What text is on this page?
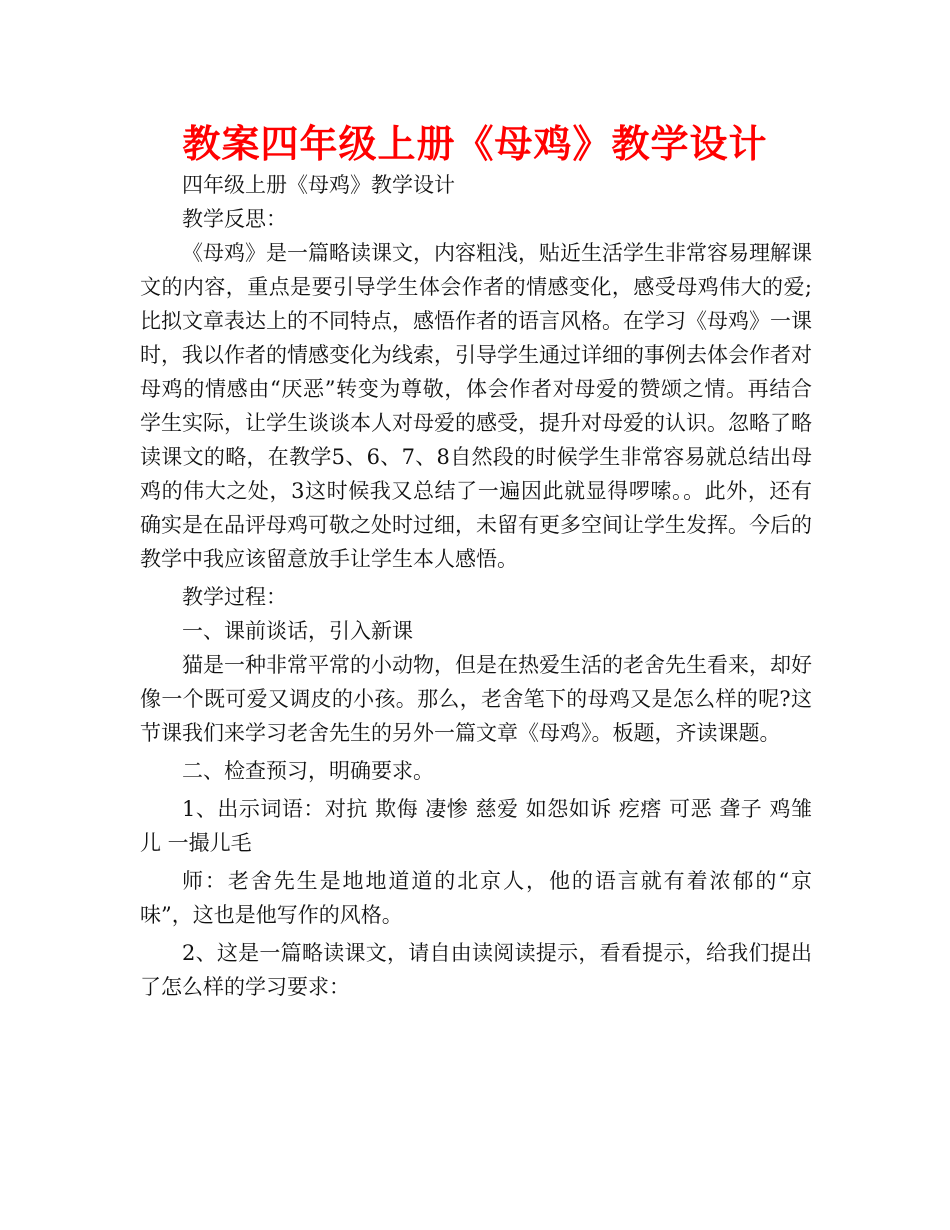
教案四年级上册《母鸡》教学设计

四年级上册《母鸡》教学设计

教学反思：

《母鸡》是一篇略读课文，内容粗浅，贴近生活学生非常容易理解课文的内容，重点是要引导学生体会作者的情感变化，感受母鸡伟大的爱;比拟文章表达上的不同特点，感悟作者的语言风格。在学习《母鸡》一课时，我以作者的情感变化为线索，引导学生通过详细的事例去体会作者对母鸡的情感由“厌恶”转变为尊敬，体会作者对母爱的赞颂之情。再结合学生实际，让学生谈谈本人对母爱的感受，提升对母爱的认识。忽略了略读课文的略，在教学5、6、7、8自然段的时候学生非常容易就总结出母鸡的伟大之处，3这时候我又总结了一遍因此就显得啰嗦。。此外，还有确实是在品评母鸡可敬之处时过细，未留有更多空间让学生发挥。今后的教学中我应该留意放手让学生本人感悟。

教学过程：

一、课前谈话，引入新课

猫是一种非常平常的小动物，但是在热爱生活的老舍先生看来，却好像一个既可爱又调皮的小孩。那么，老舍笔下的母鸡又是怎么样的呢?这节课我们来学习老舍先生的另外一篇文章《母鸡》。板题，齐读课题。

二、检查预习，明确要求。

1、出示词语：对抗 欺侮 凄惨 慈爱 如怨如诉 疙瘩 可恶 聋子 鸡雏儿 一撮儿毛

师：老舍先生是地地道道的北京人，他的语言就有着浓郁的“京味”，这也是他写作的风格。

2、这是一篇略读课文，请自由读阅读提示，看看提示，给我们提出了怎么样的学习要求：
